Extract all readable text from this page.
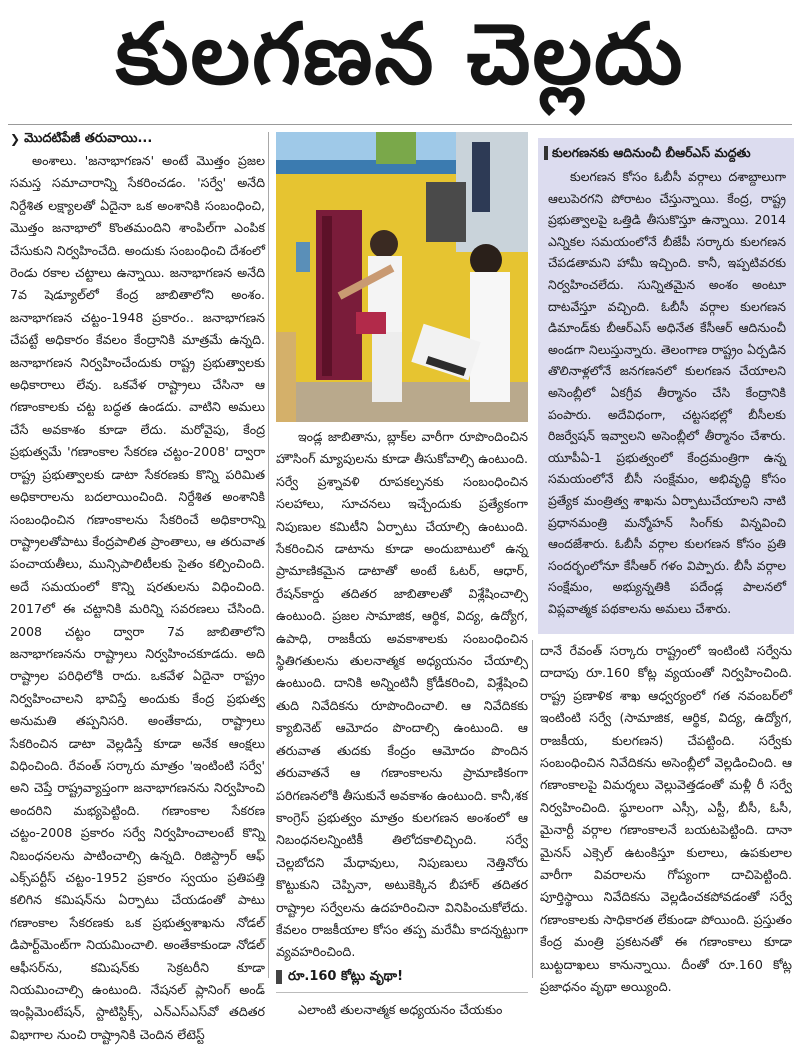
కులగణన చెల్లదు
❯ మొదటిపేజీ తరువాయి...

అంశాలు. 'జనాభాగణన' అంటే మొత్తం ప్రజల సమస్త సమాచారాన్ని సేకరించడం. 'సర్వే' అనేది నిర్దేశిత లక్ష్యాలతో ఏదైనా ఒక అంశానికి సంబంధించి, మొత్తం జనాభాలో కొంతమందిని శాంపిల్‌గా ఎంపిక చేసుకుని నిర్వహించేది. అందుకు సంబంధించి దేశంలో రెండు రకాల చట్టాలు ఉన్నాయి. జనాభాగణన అనేది 7వ షెడ్యూల్‌లో కేంద్ర జాబితాలోని అంశం. జనాభాగణన చట్టం-1948 ప్రకారం.. జనాభాగణన చేపట్టే అధికారం కేవలం కేంద్రానికి మాత్రమే ఉన్నది. జనాభాగణన నిర్వహించేందుకు రాష్ట్ర ప్రభుత్వాలకు అధికారాలు లేవు. ఒకవేళ రాష్ట్రాలు చేసినా ఆ గణాంకాలకు చట్ట బద్ధత ఉండదు. వాటిని అమలు చేసే అవకాశం కూడా లేదు. మరోవైపు, కేంద్ర ప్రభుత్వమే 'గణాంకాల సేకరణ చట్టం-2008' ద్వారా రాష్ట్ర ప్రభుత్వాలకు డాటా సేకరణకు కొన్ని పరిమిత అధికారాలను బదలాయించింది. నిర్దేశిత అంశానికి సంబంధించిన గణాంకాలను సేకరించే అధికారాన్ని రాష్ట్రాలతోపాటు కేంద్రపాలిత ప్రాంతాలు, ఆ తరువాత పంచాయతీలు, మున్సిపాలిటీలకు సైతం కల్పించింది. అదే సమయంలో కొన్ని షరతులను విధించింది. 2017లో ఈ చట్టానికి మరిన్ని సవరణలు చేసింది. 2008 చట్టం ద్వారా 7వ జాబితాలోని జనాభాగణనను రాష్ట్రాలు నిర్వహించకూడదు. అది రాష్ట్రాల పరిధిలోకి రాదు. ఒకవేళ ఏదైనా రాష్ట్రం నిర్వహించాలని భావిస్తే అందుకు కేంద్ర ప్రభుత్వ అనుమతి తప్పనిసరి. అంతేకాదు, రాష్ట్రాలు సేకరించిన డాటా వెల్లడిస్తే కూడా అనేక ఆంక్షలు విధించింది. రేవంత్ సర్కారు మాత్రం 'ఇంటింటి సర్వే' అని చెప్తే రాష్ట్రవ్యాప్తంగా జనాభాగణనను నిర్వహించి అందరిని మభ్యపెట్టింది. గణాంకాల సేకరణ చట్టం-2008 ప్రకారం సర్వే నిర్వహించాలంటే కొన్ని నిబంధనలను పాటించాల్సి ఉన్నది. రిజిస్ట్రార్ ఆఫ్ ఎక్స్‌పర్టీస్ చట్టం-1952 ప్రకారం స్వయం ప్రతిపత్తి కలిగిన కమిషన్‌ను ఏర్పాటు చేయడంతో పాటు గణాంకాల సేకరణకు ఒక ప్రభుత్వశాఖను నోడల్ డిపార్ట్‌మెంట్‌గా నియమించాలి. అంతేకాకుండా నోడల్ ఆఫీసర్‌ను, కమిషన్‌కు సెక్రటరీని కూడా నియమించాల్సి ఉంటుంది. నేషనల్ ప్లానింగ్ అండ్ ఇంప్లిమెంటేషన్, స్టాటిస్టిక్స్, ఎన్‌ఎస్‌ఎస్‌వో తదితర విభాగాల నుంచి రాష్ట్రానికి చెందిన లేటెస్ట్

ఇండ్ల జాబితాను, బ్లాక్‌ల వారీగా రూపొందించిన హౌసింగ్ మ్యాపులను కూడా తీసుకోవాల్సి ఉంటుంది. సర్వే ప్రశ్నావళి రూపకల్పనకు సంబంధించిన సలహాలు, సూచనలు ఇచ్చేందుకు ప్రత్యేకంగా నిపుణుల కమిటీని ఏర్పాటు చేయాల్సి ఉంటుంది. సేకరించిన డాటాను కూడా అందుబాటులో ఉన్న ప్రామాణికమైన డాటాతో అంటే ఓటర్, ఆధార్, రేషన్‌కార్డు తదితర జాబితాలతో విశ్లేషించాల్సి ఉంటుంది. ప్రజల సామాజిక, ఆర్థిక, విద్య, ఉద్యోగ, ఉపాధి, రాజకీయ అవకాశాలకు సంబంధించిన స్థితిగతులను తులనాత్మక అధ్యయనం చేయాల్సి ఉంటుంది. దానికి అన్నింటినీ క్రోడీకరించి, విశ్లేషించి తుది నివేదికను రూపొందించాలి. ఆ నివేదికకు క్యాబినెట్ ఆమోదం పొందాల్సి ఉంటుంది. ఆ తరువాత తుదకు కేంద్రం ఆమోదం పొందిన తరువాతనే ఆ గణాంకాలను ప్రామాణికంగా పరిగణనలోకి తీసుకునే అవకాశం ఉంటుంది. కానీ,శక కాంగ్రెస్ ప్రభుత్వం మాత్రం కులగణన అంశంలో ఆ నిబంధనలన్నింటికీ తిలోదకాలిచ్చింది. సర్వే చెల్లబోదని మేధావులు, నిపుణులు నెత్తినోరు కొట్టుకుని చెప్పినా, అటుకెక్కిన బీహార్ తదితర రాష్ట్రాల సర్వేలను ఉదహరించినా వినిపించుకోలేదు. కేవలం రాజకీయాల కోసం తప్ప మరేమీ కాదన్నట్టుగా వ్యవహరించింది.

రూ.160 కోట్లు వృథా!

ఎలాంటి తులనాత్మక అధ్యయనం చేయకుం

కులగణనకు ఆదినుంచీ బీఆర్‌ఎస్ మద్దతు

కులగణన కోసం ఓబీసీ వర్గాలు దశాబ్దాలుగా ఆలుపెరగని పోరాటం చేస్తున్నాయి. కేంద్ర, రాష్ట్ర ప్రభుత్వాలపై ఒత్తిడి తీసుకొస్తూ ఉన్నాయి. 2014 ఎన్నికల సమయంలోనే బీజేపీ సర్కారు కులగణన చేపడతామని హామీ ఇచ్చింది. కానీ, ఇప్పటివరకు నిర్వహించలేదు. సున్నితమైన అంశం అంటూ దాటవేస్తూ వచ్చింది. ఓబీసీ వర్గాల కులగణన డిమాండ్‌కు బీఆర్‌ఎస్ అధినేత కేసీఆర్ ఆదినుంచీ అండగా నిలుస్తున్నారు. తెలంగాణ రాష్ట్రం ఏర్పడిన తొలినాళ్లలోనే జనగణనలో కులగణన చేయాలని అసెంబ్లీలో ఏకగ్రీవ తీర్మానం చేసి కేంద్రానికి పంపారు. అదేవిధంగా, చట్టసభల్లో బీసీలకు రిజర్వేషన్ ఇవ్వాలని అసెంబ్లీలో తీర్మానం చేశారు. యూపీఏ-1 ప్రభుత్వంలో కేంద్రమంత్రిగా ఉన్న సమయంలోనే బీసీ సంక్షేమం, అభివృద్ధి కోసం ప్రత్యేక మంత్రిత్వ శాఖను ఏర్పాటుచేయాలని నాటి ప్రధానమంత్రి మన్మోహన్ సింగ్‌కు విన్నవించి ఆందజేశారు. ఓబీసీ వర్గాల కులగణన కోసం ప్రతి సందర్భంలోనూ కేసీఆర్ గళం విప్పారు. బీసీ వర్గాల సంక్షేమం, అభ్యున్నతికి పదేండ్ల పాలనలో విప్లవాత్మక పథకాలను అమలు చేశారు.

దానే రేవంత్ సర్కారు రాష్ట్రంలో ఇంటింటి సర్వేను దాదాపు రూ.160 కోట్ల వ్యయంతో నిర్వహించింది. రాష్ట్ర ప్రణాళిక శాఖ ఆధ్వర్యంలో గత నవంబర్‌లో ఇంటింటి సర్వే (సామాజిక, ఆర్థిక, విద్య, ఉద్యోగ, రాజకీయ, కులగణన) చేపట్టింది. సర్వేకు సంబంధించిన నివేదికను అసెంబ్లీలో వెల్లడించింది. ఆ గణాంకాలపై విమర్శలు వెల్లువెత్తడంతో మళ్లీ రీ సర్వే నిర్వహించింది. స్థూలంగా ఎస్సీ, ఎస్టీ, బీసీ, ఓసీ, మైనార్టీ వర్గాల గణాంకాలనే బయటపెట్టింది. దానా మైనస్ ఎక్సెల్ ఉటంకిస్తూ కులాలు, ఉపకులాల వారీగా వివరాలను గోప్యంగా దాచిపెట్టింది. పూర్తిస్థాయి నివేదికను వెల్లడించకపోవడంతో సర్వే గణాంకాలకు సాధికారత లేకుండా పోయింది. ప్రస్తుతం కేంద్ర మంత్రి ప్రకటనతో ఈ గణాంకాలు కూడా బుట్టదాఖలు కానున్నాయి. దీంతో రూ.160 కోట్ల ప్రజాధనం వృథా అయ్యింది.
